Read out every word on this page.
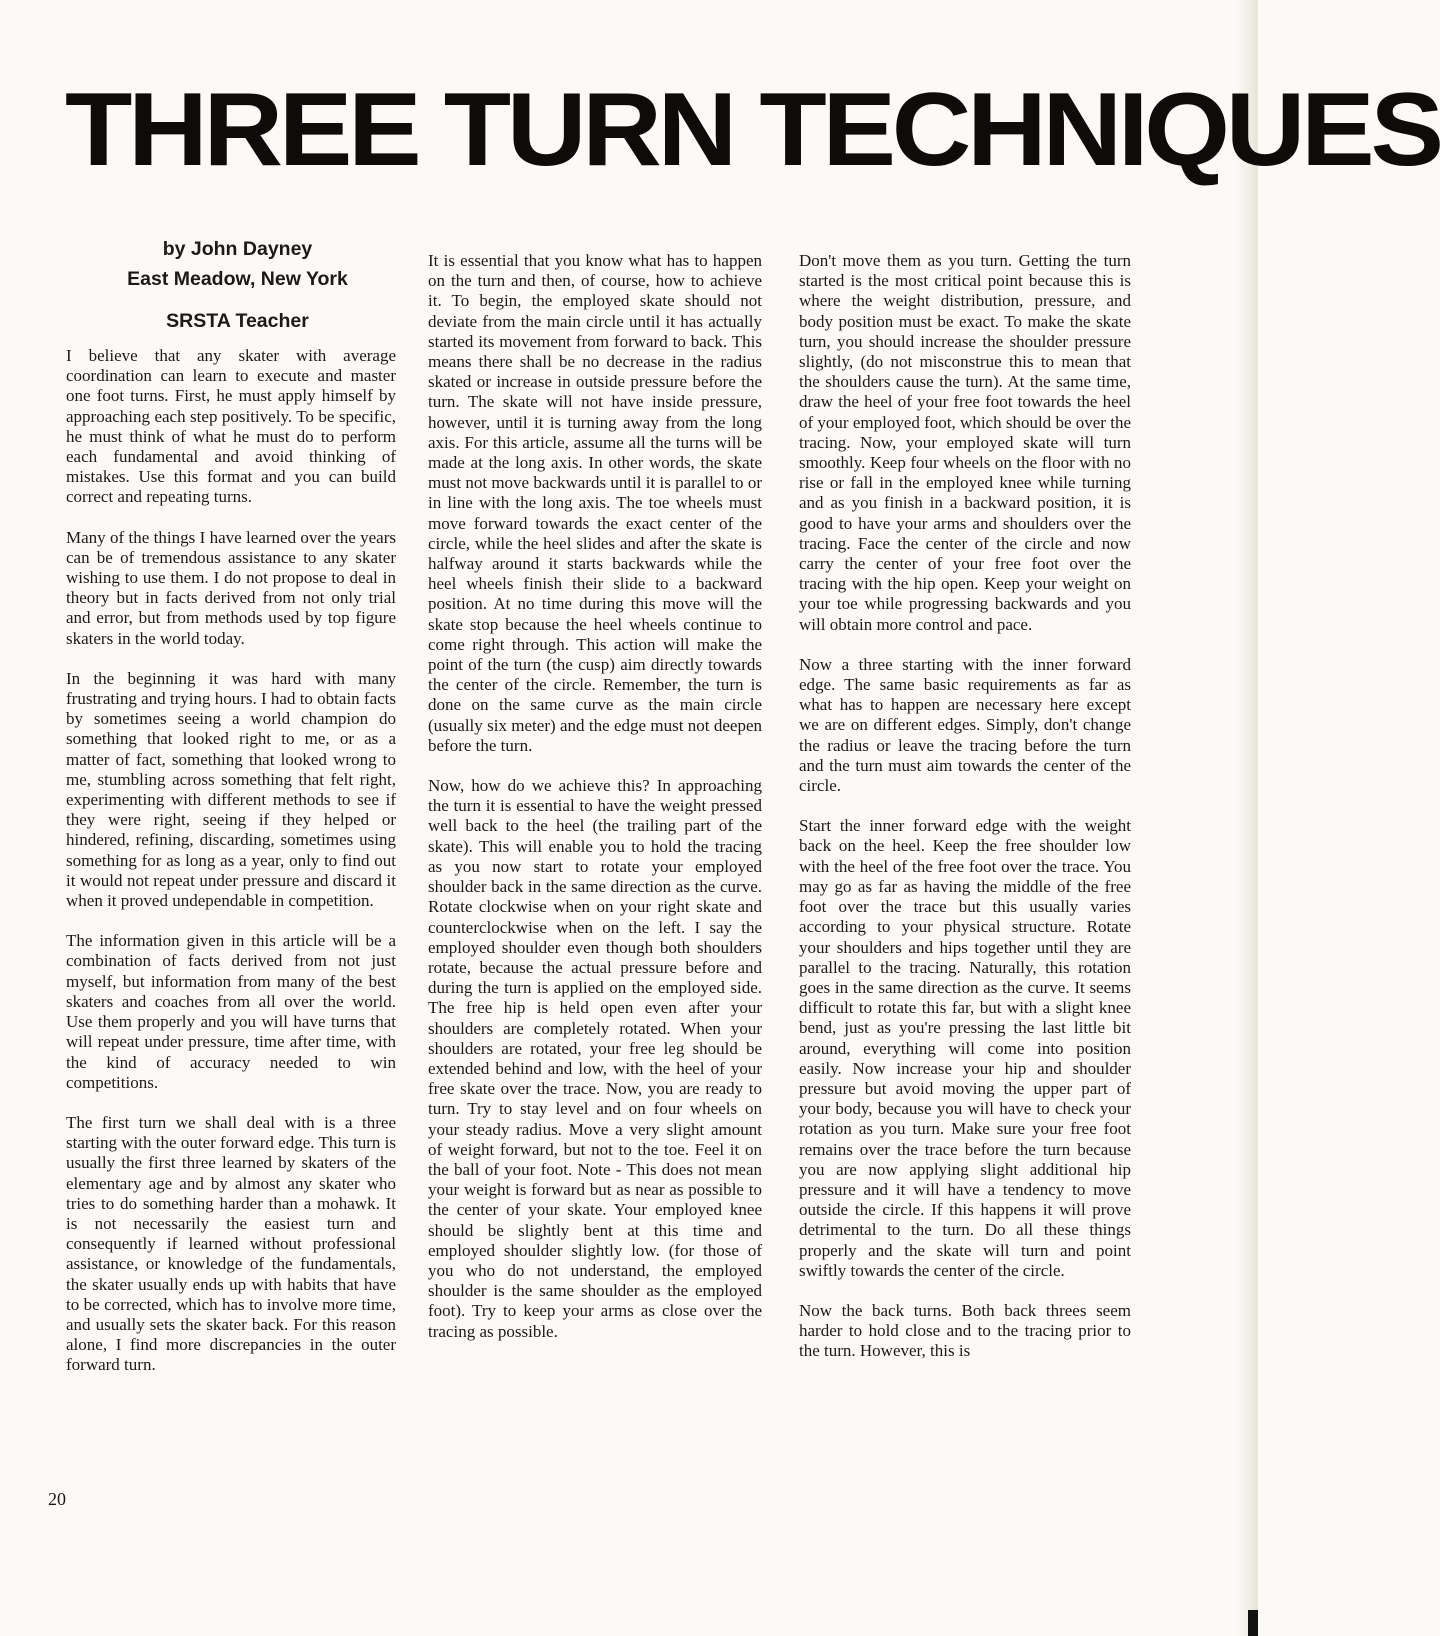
THREE TURN TECHNIQUES
by John Dayney
East Meadow, New York
SRSTA Teacher

I believe that any skater with average coordination can learn to execute and master one foot turns. First, he must apply himself by approaching each step positively. To be specific, he must think of what he must do to perform each fundamental and avoid thinking of mistakes. Use this format and you can build correct and repeating turns.

Many of the things I have learned over the years can be of tremendous assistance to any skater wishing to use them. I do not propose to deal in theory but in facts derived from not only trial and error, but from methods used by top figure skaters in the world today.

In the beginning it was hard with many frustrating and trying hours. I had to obtain facts by sometimes seeing a world champion do something that looked right to me, or as a matter of fact, something that looked wrong to me, stumbling across something that felt right, experimenting with different methods to see if they were right, seeing if they helped or hindered, refining, discarding, sometimes using something for as long as a year, only to find out it would not repeat under pressure and discard it when it proved undependable in competition.

The information given in this article will be a combination of facts derived from not just myself, but information from many of the best skaters and coaches from all over the world. Use them properly and you will have turns that will repeat under pressure, time after time, with the kind of accuracy needed to win competitions.

The first turn we shall deal with is a three starting with the outer forward edge. This turn is usually the first three learned by skaters of the elementary age and by almost any skater who tries to do something harder than a mohawk. It is not necessarily the easiest turn and consequently if learned without professional assistance, or knowledge of the fundamentals, the skater usually ends up with habits that have to be corrected, which has to involve more time, and usually sets the skater back. For this reason alone, I find more discrepancies in the outer forward turn.

It is essential that you know what has to happen on the turn and then, of course, how to achieve it. To begin, the employed skate should not deviate from the main circle until it has actually started its movement from forward to back. This means there shall be no decrease in the radius skated or increase in outside pressure before the turn. The skate will not have inside pressure, however, until it is turning away from the long axis. For this article, assume all the turns will be made at the long axis. In other words, the skate must not move backwards until it is parallel to or in line with the long axis. The toe wheels must move forward towards the exact center of the circle, while the heel slides and after the skate is halfway around it starts backwards while the heel wheels finish their slide to a backward position. At no time during this move will the skate stop because the heel wheels continue to come right through. This action will make the point of the turn (the cusp) aim directly towards the center of the circle. Remember, the turn is done on the same curve as the main circle (usually six meter) and the edge must not deepen before the turn.

Now, how do we achieve this? In approaching the turn it is essential to have the weight pressed well back to the heel (the trailing part of the skate). This will enable you to hold the tracing as you now start to rotate your employed shoulder back in the same direction as the curve. Rotate clockwise when on your right skate and counterclockwise when on the left. I say the employed shoulder even though both shoulders rotate, because the actual pressure before and during the turn is applied on the employed side. The free hip is held open even after your shoulders are completely rotated. When your shoulders are rotated, your free leg should be extended behind and low, with the heel of your free skate over the trace. Now, you are ready to turn. Try to stay level and on four wheels on your steady radius. Move a very slight amount of weight forward, but not to the toe. Feel it on the ball of your foot. Note - This does not mean your weight is forward but as near as possible to the center of your skate. Your employed knee should be slightly bent at this time and employed shoulder slightly low. (for those of you who do not understand, the employed shoulder is the same shoulder as the employed foot). Try to keep your arms as close over the tracing as possible.

Don't move them as you turn. Getting the turn started is the most critical point because this is where the weight distribution, pressure, and body position must be exact. To make the skate turn, you should increase the shoulder pressure slightly, (do not misconstrue this to mean that the shoulders cause the turn). At the same time, draw the heel of your free foot towards the heel of your employed foot, which should be over the tracing. Now, your employed skate will turn smoothly. Keep four wheels on the floor with no rise or fall in the employed knee while turning and as you finish in a backward position, it is good to have your arms and shoulders over the tracing. Face the center of the circle and now carry the center of your free foot over the tracing with the hip open. Keep your weight on your toe while progressing backwards and you will obtain more control and pace.

Now a three starting with the inner forward edge. The same basic requirements as far as what has to happen are necessary here except we are on different edges. Simply, don't change the radius or leave the tracing before the turn and the turn must aim towards the center of the circle.

Start the inner forward edge with the weight back on the heel. Keep the free shoulder low with the heel of the free foot over the trace. You may go as far as having the middle of the free foot over the trace but this usually varies according to your physical structure. Rotate your shoulders and hips together until they are parallel to the tracing. Naturally, this rotation goes in the same direction as the curve. It seems difficult to rotate this far, but with a slight knee bend, just as you're pressing the last little bit around, everything will come into position easily. Now increase your hip and shoulder pressure but avoid moving the upper part of your body, because you will have to check your rotation as you turn. Make sure your free foot remains over the trace before the turn because you are now applying slight additional hip pressure and it will have a tendency to move outside the circle. If this happens it will prove detrimental to the turn. Do all these things properly and the skate will turn and point swiftly towards the center of the circle.

Now the back turns. Both back threes seem harder to hold close and to the tracing prior to the turn. However, this is

20
